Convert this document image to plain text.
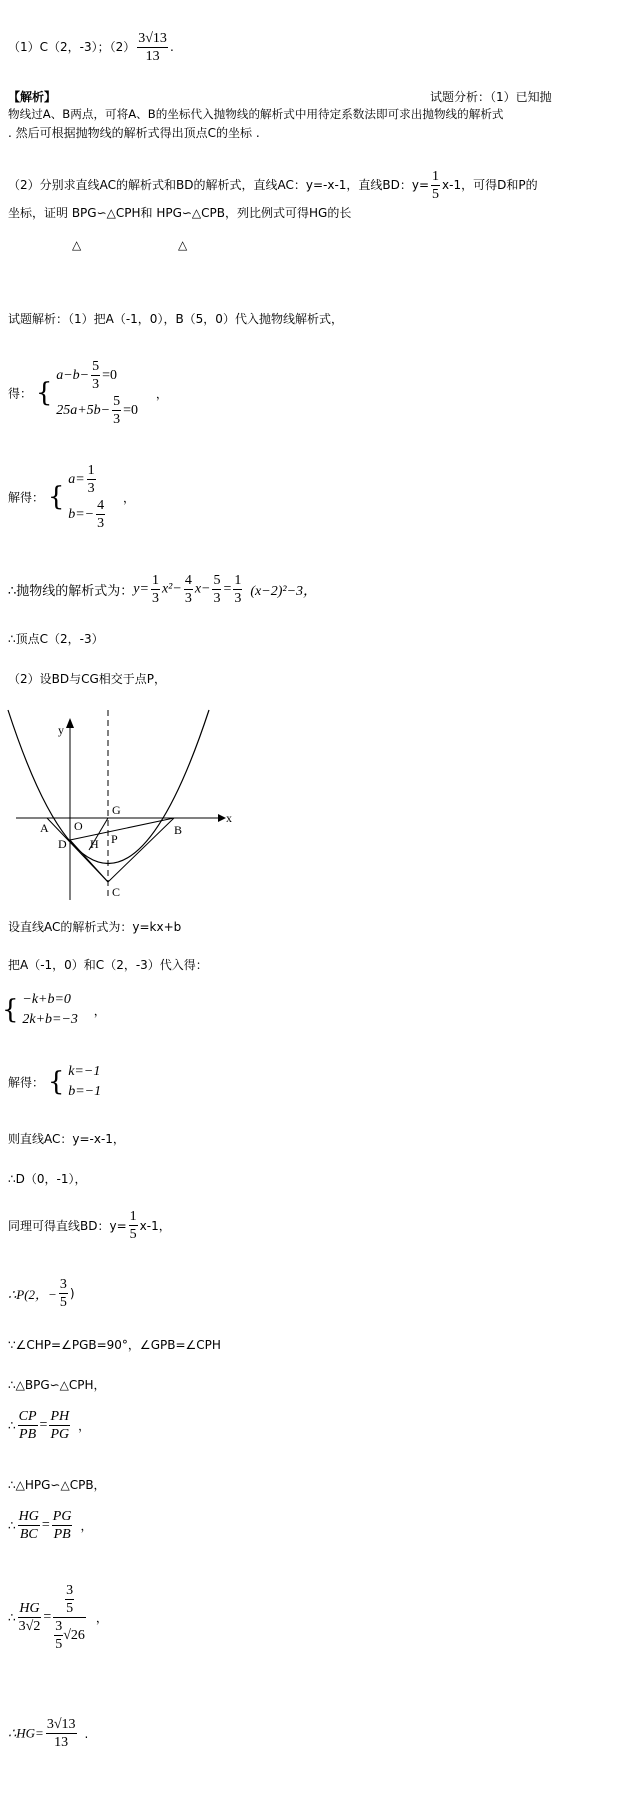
（1）C（2，-3）；$(2) \frac{3√13}{13}$ .
【解析】	试题分析：（1）已知抛
物线过A、B两点，可将A、B的坐标代入抛物线的解析式中用待定系数法即可求出抛物线的解析式
. 然后可根据抛物线的解析式得出顶点C的坐标 .
（2）分别求直线AC的解析式和BD的解析式，直线AC：y=-x-1，直线BD：$y= \frac{1}{5} x-1$，可得D和P的
坐标，证明 BPG∽△CPH和 HPG∽△CPB，列比例式可得HG的长
△	△
试题解析：（1）把A（-1，0），B（5，0）代入抛物线解析式，
得： {
$a-b- \frac{5}{3} =0$
$25a+5b- \frac{5}{3} =0$
，
解得： {
$a= \frac{1}{3}$
$b=- \frac{4}{3}$ ，
∴抛物线的解析式为：$y= \frac{1}{3} x^2- \frac{4}{3} x- \frac{5}{3} = \frac{1}{3} (x-2)^2-3$，
∴顶点C（2，-3）
（2）设BD与CG相交于点P，
y
x
O
A	B
C
D
G
H P
设直线AC的解析式为：y=kx+b
把A（-1，0）和C（2，-3）代入得：
{ −k+b=0
2k+b=−3
，
解得： { k=−1
b=−1
则直线AC：y=-x-1，
∴D（0，-1），
同理可得直线BD：$y= \frac{1}{5} x-1$，
∴P(2，− $\frac{3}{5}$ )
∵∠CHP=∠PGB=90°，∠GPB=∠CPH
∴△BPG∽△CPH，
∴ $\frac{CP}{PB} = \frac{PH}{PG}$ ，
∴△HPG∽△CPB，
∴ $\frac{HG}{BC} = \frac{PG}{PB}$ ，
∴ $\frac{HG}{3√2} = \frac{\frac{3}{5}}{\frac{3}{5} √26}$ ，
∴HG= $\frac{3√13}{13}$ .
